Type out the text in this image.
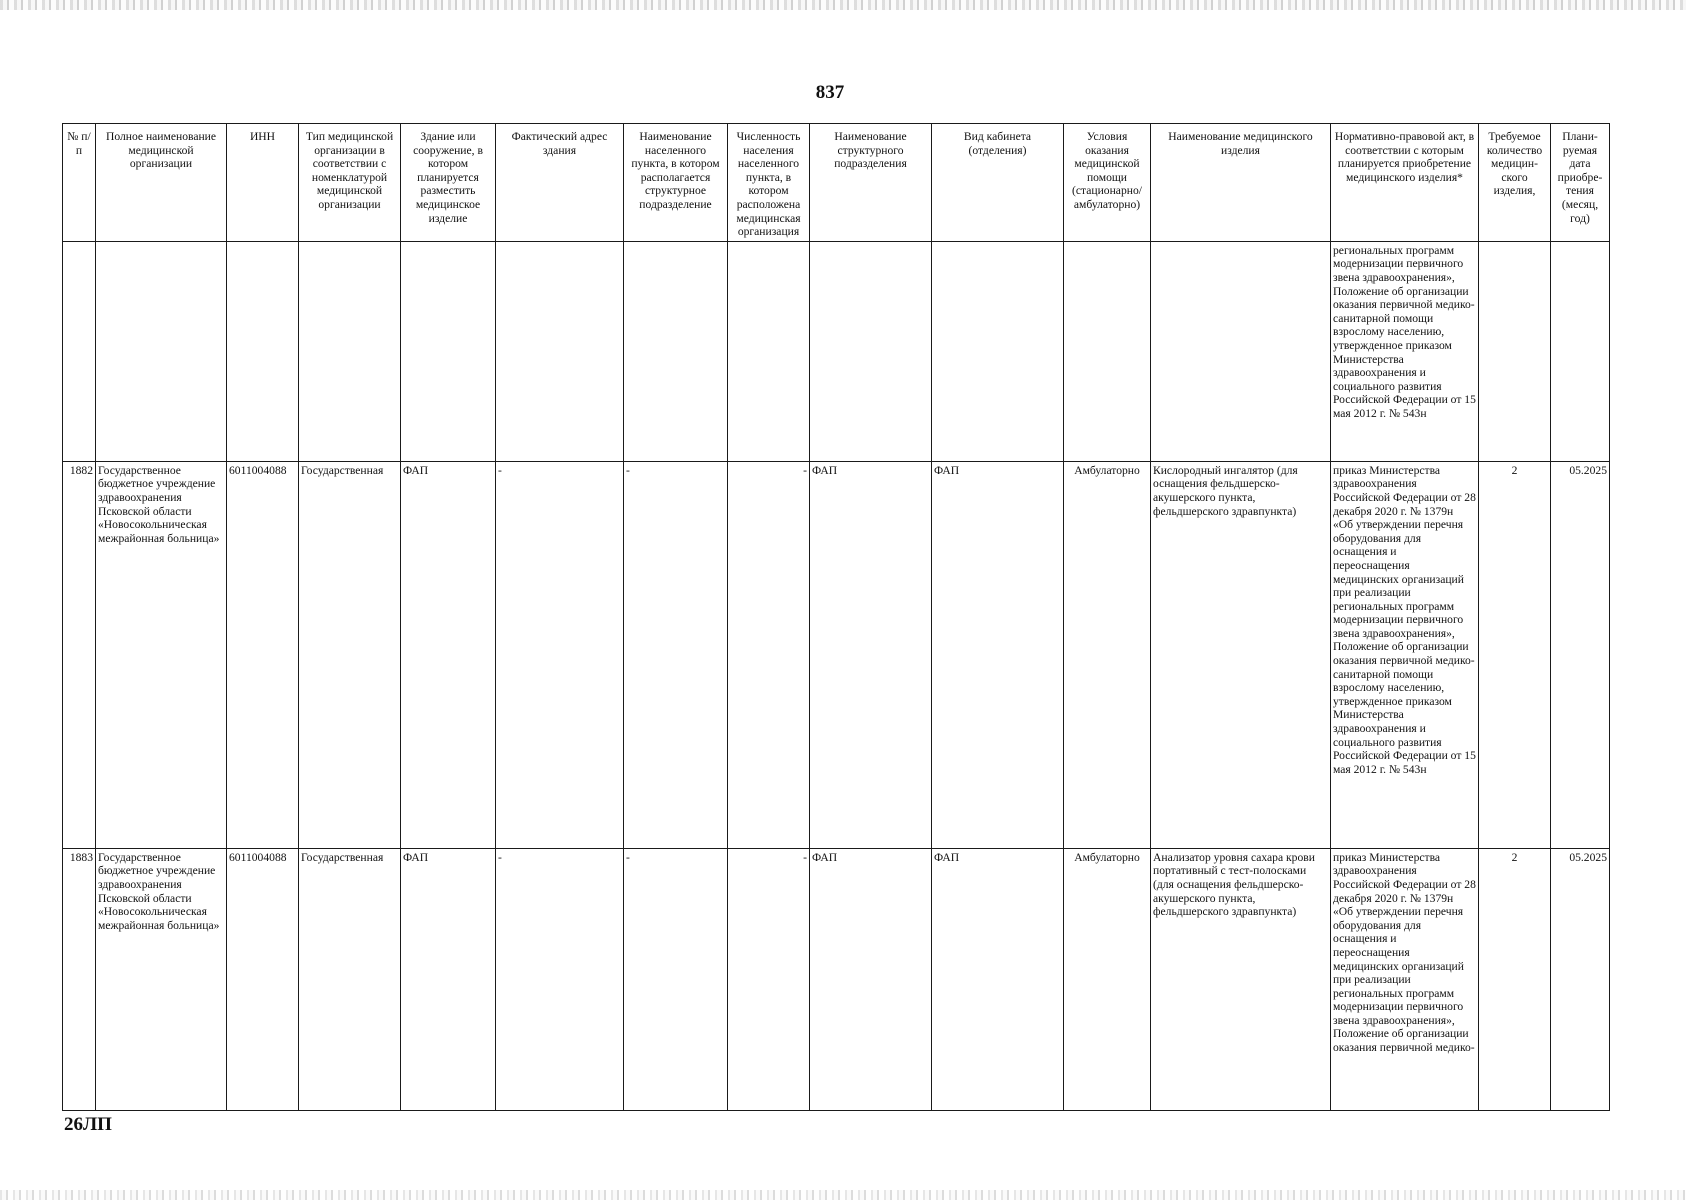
837
№ п/п	Полное наименование медицинской организации	ИНН	Тип медицинской организации в соответствии с номенклатурой медицинской организации	Здание или сооружение, в котором планируется разместить медицинское изделие	Фактический адрес здания	Наименование населенного пункта, в котором располагается структурное подразделение	Численность населения населенного пункта, в котором расположена медицинская организация	Наименование структурного подразделения	Вид кабинета (отделения)	Условия оказания медицинской помощи (стационарно/ амбулаторно)	Наименование медицинского изделия	Нормативно-правовой акт, в соответствии с которым планируется приобретение медицинского изделия*	Требуемое количество медицин-ского изделия,	Плани-руемая дата приобре-тения (месяц, год)
												региональных программ модернизации первичного звена здравоохранения», Положение об организации оказания первичной медико-санитарной помощи взрослому населению, утвержденное приказом Министерства здравоохранения и социального развития Российской Федерации от 15 мая 2012 г. № 543н		
1882	Государственное бюджетное учреждение здравоохранения Псковской области «Новосокольническая межрайонная больница»	6011004088	Государственная	ФАП	-	-	-	ФАП	ФАП	Амбулаторно	Кислородный ингалятор (для оснащения фельдшерско-акушерского пункта, фельдшерского здравпункта)	приказ Министерства здравоохранения Российской Федерации от 28 декабря 2020 г. № 1379н «Об утверждении перечня оборудования для оснащения и переоснащения медицинских организаций при реализации региональных программ модернизации первичного звена здравоохранения», Положение об организации оказания первичной медико-санитарной помощи взрослому населению, утвержденное приказом Министерства здравоохранения и социального развития Российской Федерации от 15 мая 2012 г. № 543н	2	05.2025
1883	Государственное бюджетное учреждение здравоохранения Псковской области «Новосокольническая межрайонная больница»	6011004088	Государственная	ФАП	-	-	-	ФАП	ФАП	Амбулаторно	Анализатор уровня сахара крови портативный с тест-полосками (для оснащения фельдшерско-акушерского пункта, фельдшерского здравпункта)	приказ Министерства здравоохранения Российской Федерации от 28 декабря 2020 г. № 1379н «Об утверждении перечня оборудования для оснащения и переоснащения медицинских организаций при реализации региональных программ модернизации первичного звена здравоохранения», Положение об организации оказания первичной медико-	2	05.2025
26ЛП
